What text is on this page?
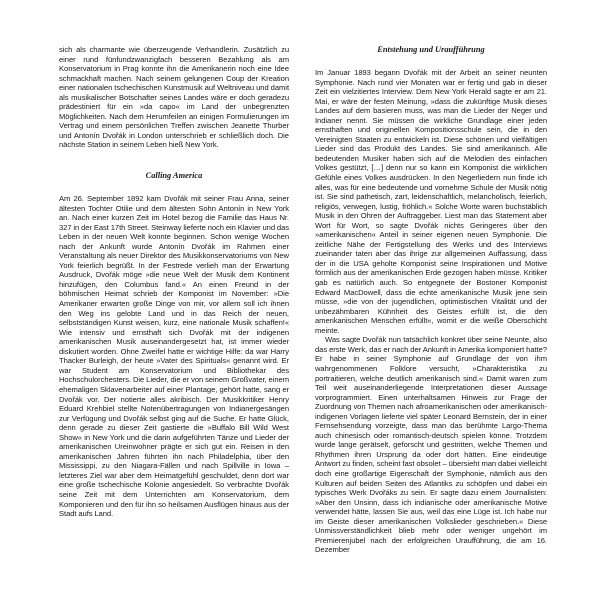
sich als charmante wie überzeugende Verhandlerin. Zusätzlich zu einer rund fünfundzwanzigfach besseren Bezahlung als am Konservatorium in Prag konnte ihn die Amerikanerin noch eine Idee schmackhaft machen. Nach seinem gelungenen Coup der Kreation einer nationalen tschechischen Kunstmusik auf Weltniveau und damit als musikalischer Botschafter seines Landes wäre er doch geradezu prädestiniert für ein »da capo« im Land der unbegrenzten Möglichkeiten. Nach dem Herumfeilen an einigen Formulierungen im Vertrag und einem persönlichen Treffen zwischen Jeanette Thurber und Antonín Dvořák in London unterschrieb er schließlich doch. Die nächste Station in seinem Leben hieß New York.

Calling America

Am 26. September 1892 kam Dvořák mit seiner Frau Anna, seiner ältesten Tochter Otilie und dem ältesten Sohn Antonín in New York an. Nach einer kurzen Zeit im Hotel bezog die Familie das Haus Nr. 327 in der East 17th Street. Steinway lieferte noch ein Klavier und das Leben in der neuen Welt konnte beginnen. Schon wenige Wochen nach der Ankunft wurde Antonín Dvořák im Rahmen einer Veranstaltung als neuer Direktor des Musikkonservatoriums von New York feierlich begrüßt. In der Festrede verlieh man der Erwartung Ausdruck, Dvořák möge »die neue Welt der Musik dem Kontinent hinzufügen, den Columbus fand.« An einen Freund in der böhmischen Heimat schrieb der Komponist im November: »Die Amerikaner erwarten große Dinge von mir, vor allem soll ich ihnen den Weg ins gelobte Land und in das Reich der neuen, selbstständigen Kunst weisen, kurz, eine nationale Musik schaffen!« Wie intensiv und ernsthaft sich Dvořák mit der indigenen amerikanischen Musik auseinandergesetzt hat, ist immer wieder diskutiert worden. Ohne Zweifel hatte er wichtige Hilfe: da war Harry Thacker Burleigh, der heute »Vater des Spirituals« genannt wird. Er war Student am Konservatorium und Bibliothekar des Hochschulorchesters. Die Lieder, die er von seinem Großvater, einem ehemaligen Sklavenarbeiter auf einer Plantage, gehört hatte, sang er Dvořák vor. Der notierte alles akribisch. Der Musikkritiker Henry Eduard Krehbiel stellte Notenübertragungen von Indianergesängen zur Verfügung und Dvořák selbst ging auf die Suche. Er hatte Glück, denn gerade zu dieser Zeit gastierte die »Buffalo Bill Wild West Show« in New York und die darin aufgeführten Tänze und Lieder der amerikanischen Ureinwohner prägte er sich gut ein. Reisen in den amerikanischen Jahren führten ihn nach Philadelphia, über den Mississippi, zu den Niagara-Fällen und nach Spillville in Iowa – letzteres Ziel war aber dem Heimatgefühl geschuldet, denn dort war eine große tschechische Kolonie angesiedelt. So verbrachte Dvořák seine Zeit mit dem Unterrichten am Konservatorium, dem Komponieren und den für ihn so heilsamen Ausflügen hinaus aus der Stadt aufs Land.

Entstehung und Uraufführung

Im Januar 1893 begann Dvořák mit der Arbeit an seiner neunten Symphonie. Nach rund vier Monaten war er fertig und gab in dieser Zeit ein vielzitiertes Interview. Dem New York Herald sagte er am 21. Mai, er wäre der festen Meinung, »dass die zukünftige Musik dieses Landes auf dem basieren muss, was man die Lieder der Neger und Indianer nennt. Sie müssen die wirkliche Grundlage einer jeden ernsthaften und originellen Kompositionsschule sein, die in den Vereinigten Staaten zu entwickeln ist. Diese schönen und vielfältigen Lieder sind das Produkt des Landes. Sie sind amerikanisch. Alle bedeutenden Musiker haben sich auf die Melodien des einfachen Volkes gestützt, […] denn nur so kann ein Komponist die wirklichen Gefühle eines Volkes ausdrücken. In den Negerliedern nun finde ich alles, was für eine bedeutende und vornehme Schule der Musik nötig ist. Sie sind pathetisch, zart, leidenschaftlich, melancholisch, feierlich, religiös, verwegen, lustig, fröhlich.« Solche Worte waren buchstäblich Musik in den Ohren der Auftraggeber. Liest man das Statement aber Wort für Wort, so sagte Dvořák nichts Geringeres über den »amerikanischen« Anteil in seiner eigenen neuen Symphonie. Die zeitliche Nähe der Fertigstellung des Werks und des Interviews zueinander taten aber das ihrige zur allgemeinen Auffassung, dass der in die USA geholte Komponist seine Inspirationen und Motive förmlich aus der amerikanischen Erde gezogen haben müsse. Kritiker gab es natürlich auch. So entgegnete der Bostoner Komponist Edward MacDowell, dass die echte amerikanische Musik jene sein müsse, »die von der jugendlichen, optimistischen Vitalität und der unbezähmbaren Kühnheit des Geistes erfüllt ist, die den amerikanischen Menschen erfüllt«, womit er die weiße Oberschicht meinte.

Was sagte Dvořák nun tatsächlich konkret über seine Neunte, also das erste Werk, das er nach der Ankunft in Amerika komponiert hatte? Er habe in seiner Symphonie auf Grundlage der von ihm wahrgenommenen Folklore versucht, »Charakteristika zu portraitieren, welche deutlich amerikanisch sind.« Damit waren zum Teil weit auseinanderliegende Interpretationen dieser Aussage vorprogrammiert. Einen unterhaltsamen Hinweis zur Frage der Zuordnung von Themen nach afroamerikanischen oder amerikanisch-indigenen Vorlagen lieferte viel später Leonard Bernstein, der in einer Fernsehsendung vorzeigte, dass man das berühmte Largo-Thema auch chinesisch oder romantisch-deutsch spielen könne. Trotzdem wurde lange gerätselt, geforscht und gestritten, welche Themen und Rhythmen ihren Ursprung da oder dort hätten. Eine eindeutige Antwort zu finden, scheint fast obsolet – übersieht man dabei vielleicht doch eine großartige Eigenschaft der Symphonie, nämlich aus den Kulturen auf beiden Seiten des Atlantiks zu schöpfen und dabei ein typisches Werk Dvořáks zu sein. Er sagte dazu einem Journalisten: »Aber den Unsinn, dass ich indianische oder amerikanische Motive verwendet hätte, lassen Sie aus, weil das eine Lüge ist. Ich habe nur im Geiste dieser amerikanischen Volkslieder geschrieben.« Diese Unmissverständlichkeit blieb mehr oder weniger ungehört im Premierenjubel nach der erfolgreichen Uraufführung, die am 16. Dezember
